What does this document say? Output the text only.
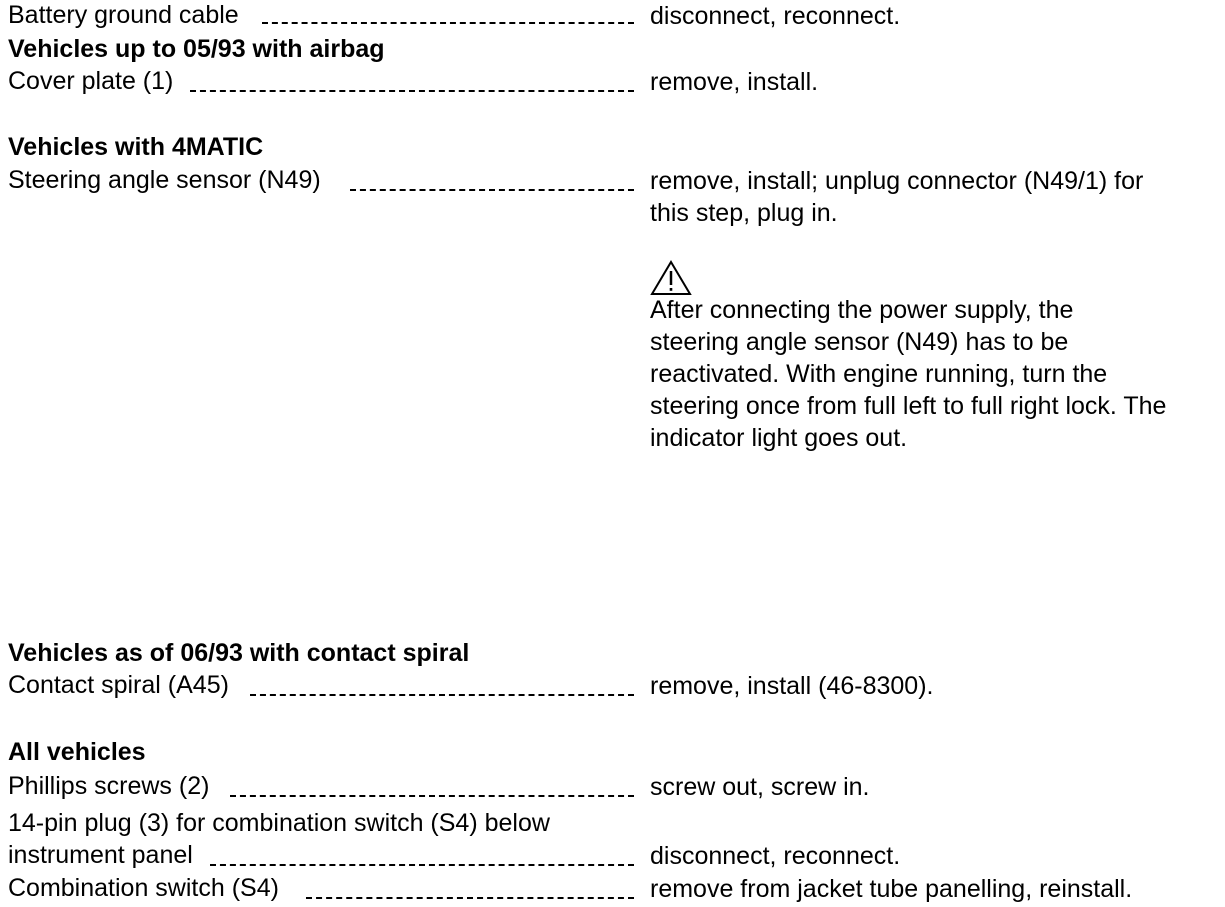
Battery ground cable	disconnect, reconnect.
Vehicles up to 05/93 with airbag
Cover plate (1)	remove, install.
Vehicles with 4MATIC
Steering angle sensor (N49)	remove, install; unplug connector (N49/1) for
this step, plug in.
After connecting the power supply, the
steering angle sensor (N49) has to be
reactivated. With engine running, turn the
steering once from full left to full right lock. The
indicator light goes out.
Vehicles as of 06/93 with contact spiral
Contact spiral (A45)	remove, install (46-8300).
All vehicles
Phillips screws (2)	screw out, screw in.
14-pin plug (3) for combination switch (S4) below
instrument panel	disconnect, reconnect.
Combination switch (S4)	remove from jacket tube panelling, reinstall.
